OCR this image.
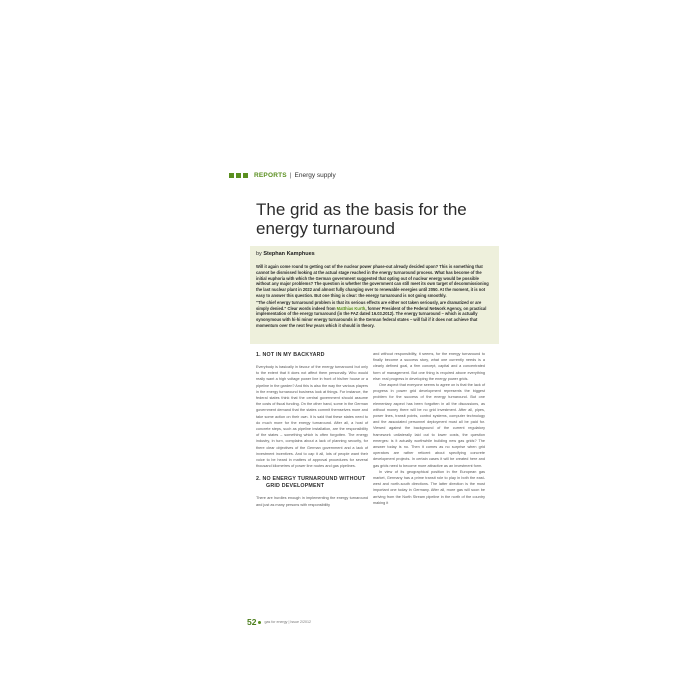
REPORTS | Energy supply
The grid as the basis for the energy turnaround
by Stephan Kamphues

Will it again come round to getting out of the nuclear power phase-out already decided upon? This is something that cannot be dismissed looking at the actual stage reached in the energy turnaround process. What has become of the initial euphoria with which the German government suggested that opting out of nuclear energy would be possible without any major problems? The question is whether the government can still meet its own target of decommissioning the last nuclear plant in 2022 and almost fully changing over to renewable energies until 2050. At the moment, it is not easy to answer this question. But one thing is clear: the energy turnaround is not going smoothly.

"The chief energy turnaround problem is that its serious effects are either not taken seriously, are dramatized or are simply denied." Clear words indeed from Matthias Kurth, former President of the Federal Network Agency, on practical implementation of the energy turnaround (in the FAZ dated 16.03.2012). The energy turnaround – which is actually synonymous with hi-hi minor energy turnarounds in the German federal states – will fail if it does not achieve that momentum over the next few years which it should in theory.

1. NOT IN MY BACKYARD

Everybody is basically in favour of the energy turnaround but only to the extent that it does not affect them personally. Who would really want a high voltage power line in front of his/her house or a pipeline in the garden? And this is also the way the various players in the energy turnaround business look at things. For instance, the federal states think that the central government should assume the costs of fiscal funding. On the other hand, some in the German government demand that the states commit themselves more and take some action on their own. It is said that these states need to do much more for the energy turnaround. After all, a host of concrete steps, such as pipeline installation, are the responsibility of the states – something which is often forgotten. The energy industry, in turn, complains about a lack of planning security, for there clear objectives of the German government and a lack of investment incentives. And to cap it all, lots of people want their voice to be heard in matters of approval procedures for several thousand kilometres of power line routes and gas pipelines.

2. NO ENERGY TURNAROUND WITHOUT
GRID DEVELOPMENT

There are hurdles enough in implementing the energy turnaround and just as many persons with responsibility

and without responsibility, it seems, for the energy turnaround to finally become a success story, what one currently needs is a clearly defined goal, a firm concept, capital and a concentrated form of management. But one thing is required above everything else: real progress in developing the energy power grids.

One aspect that everyone seems to agree on is that the lack of progress in power grid development represents the biggest problem for the success of the energy turnaround. But one elementary aspect has been forgotten in all the discussions, as without money there will be no grid investment. After all, pipes, power lines, transit points, control systems, computer technology and the associated personnel deployment must all be paid for. Viewed against the background of the current regulatory framework unilaterally laid out to lower costs, the question emerges: is it actually worthwhile building new gas grids? The answer today is no. Then it comes as no surprise when grid operators are rather reticent about specifying concrete development projects. In certain cases it will be created here and gas grids need to become more attractive as an investment form.

In view of its geographical position in the European gas market, Germany has a prime transit role to play in both the east-west and north-south directions. The latter direction is the most important one today in Germany. After all, more gas will soon be arriving from the North Stream pipeline in the north of the country making it

52 gas for energy | Issue 2/2012
